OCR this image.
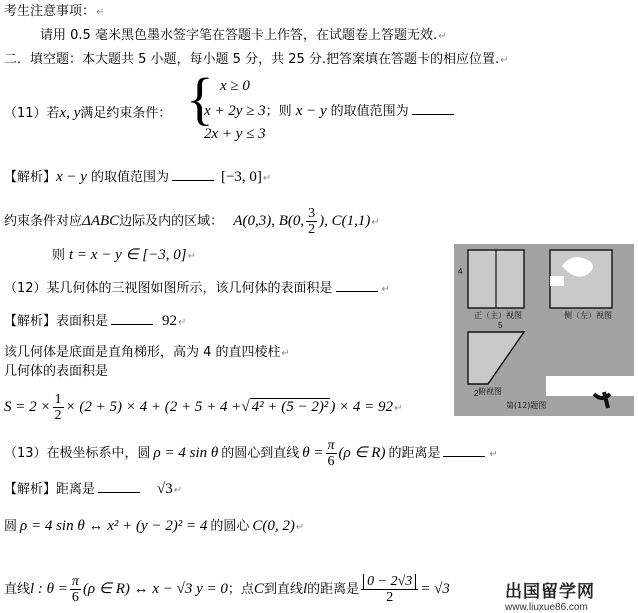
考生注意事项：↵
请用 0.5 毫米黑色墨水签字笔在答题卡上作答，在试题卷上答题无效.↵
二．填空题：本大题共 5 小题，每小题 5 分，共 25 分.把答案填在答题卡的相应位置.↵
（11）若x, y满足约束条件： { x ≥ 0
x + 2y ≥ 3；则 x − y 的取值范围为
2x + y ≤ 3
【解析】x − y 的取值范围为	[−3, 0]↵
约束条件对应ΔABC边际及内的区域： A(0,3), B(0, $\frac{3}{2}$ ), C(1,1)↵
则 t = x − y ∈ [−3, 0]↵
（12）某几何体的三视图如图所示，该几何体的表面积是	↵
【解析】表面积是	92↵
该几何体是底面是直角梯形，高为 4 的直四棱柱↵
几何体的表面积是
$S = 2 \times \frac{1}{2} \times (2 + 5) \times 4 + (2 + 5 + 4$ +√ 4² + (5 − 2)² ) × 4 = 92↵
4
正（主）视图	侧（左）视图
5
2 俯视图
第(12)题图
（13）在极坐标系中，圆 ρ = 4 sin θ 的圆心到直线 $\theta = \frac{\pi}{6} (\rho$ ∈ R) 的距离是	↵
【解析】距离是	√3↵
圆 ρ = 4 sin θ ↔ x² + (y − 2)² = 4 的圆心 C(0, 2)↵
直线l : $\theta = \frac{\pi}{6} (\rho$ ∈ R) ↔ x − √3 y = 0；点C到直线l的距离是 $\frac{0 - 2√3}{2} = √3$	出国留学网
www.liuxue86.com
